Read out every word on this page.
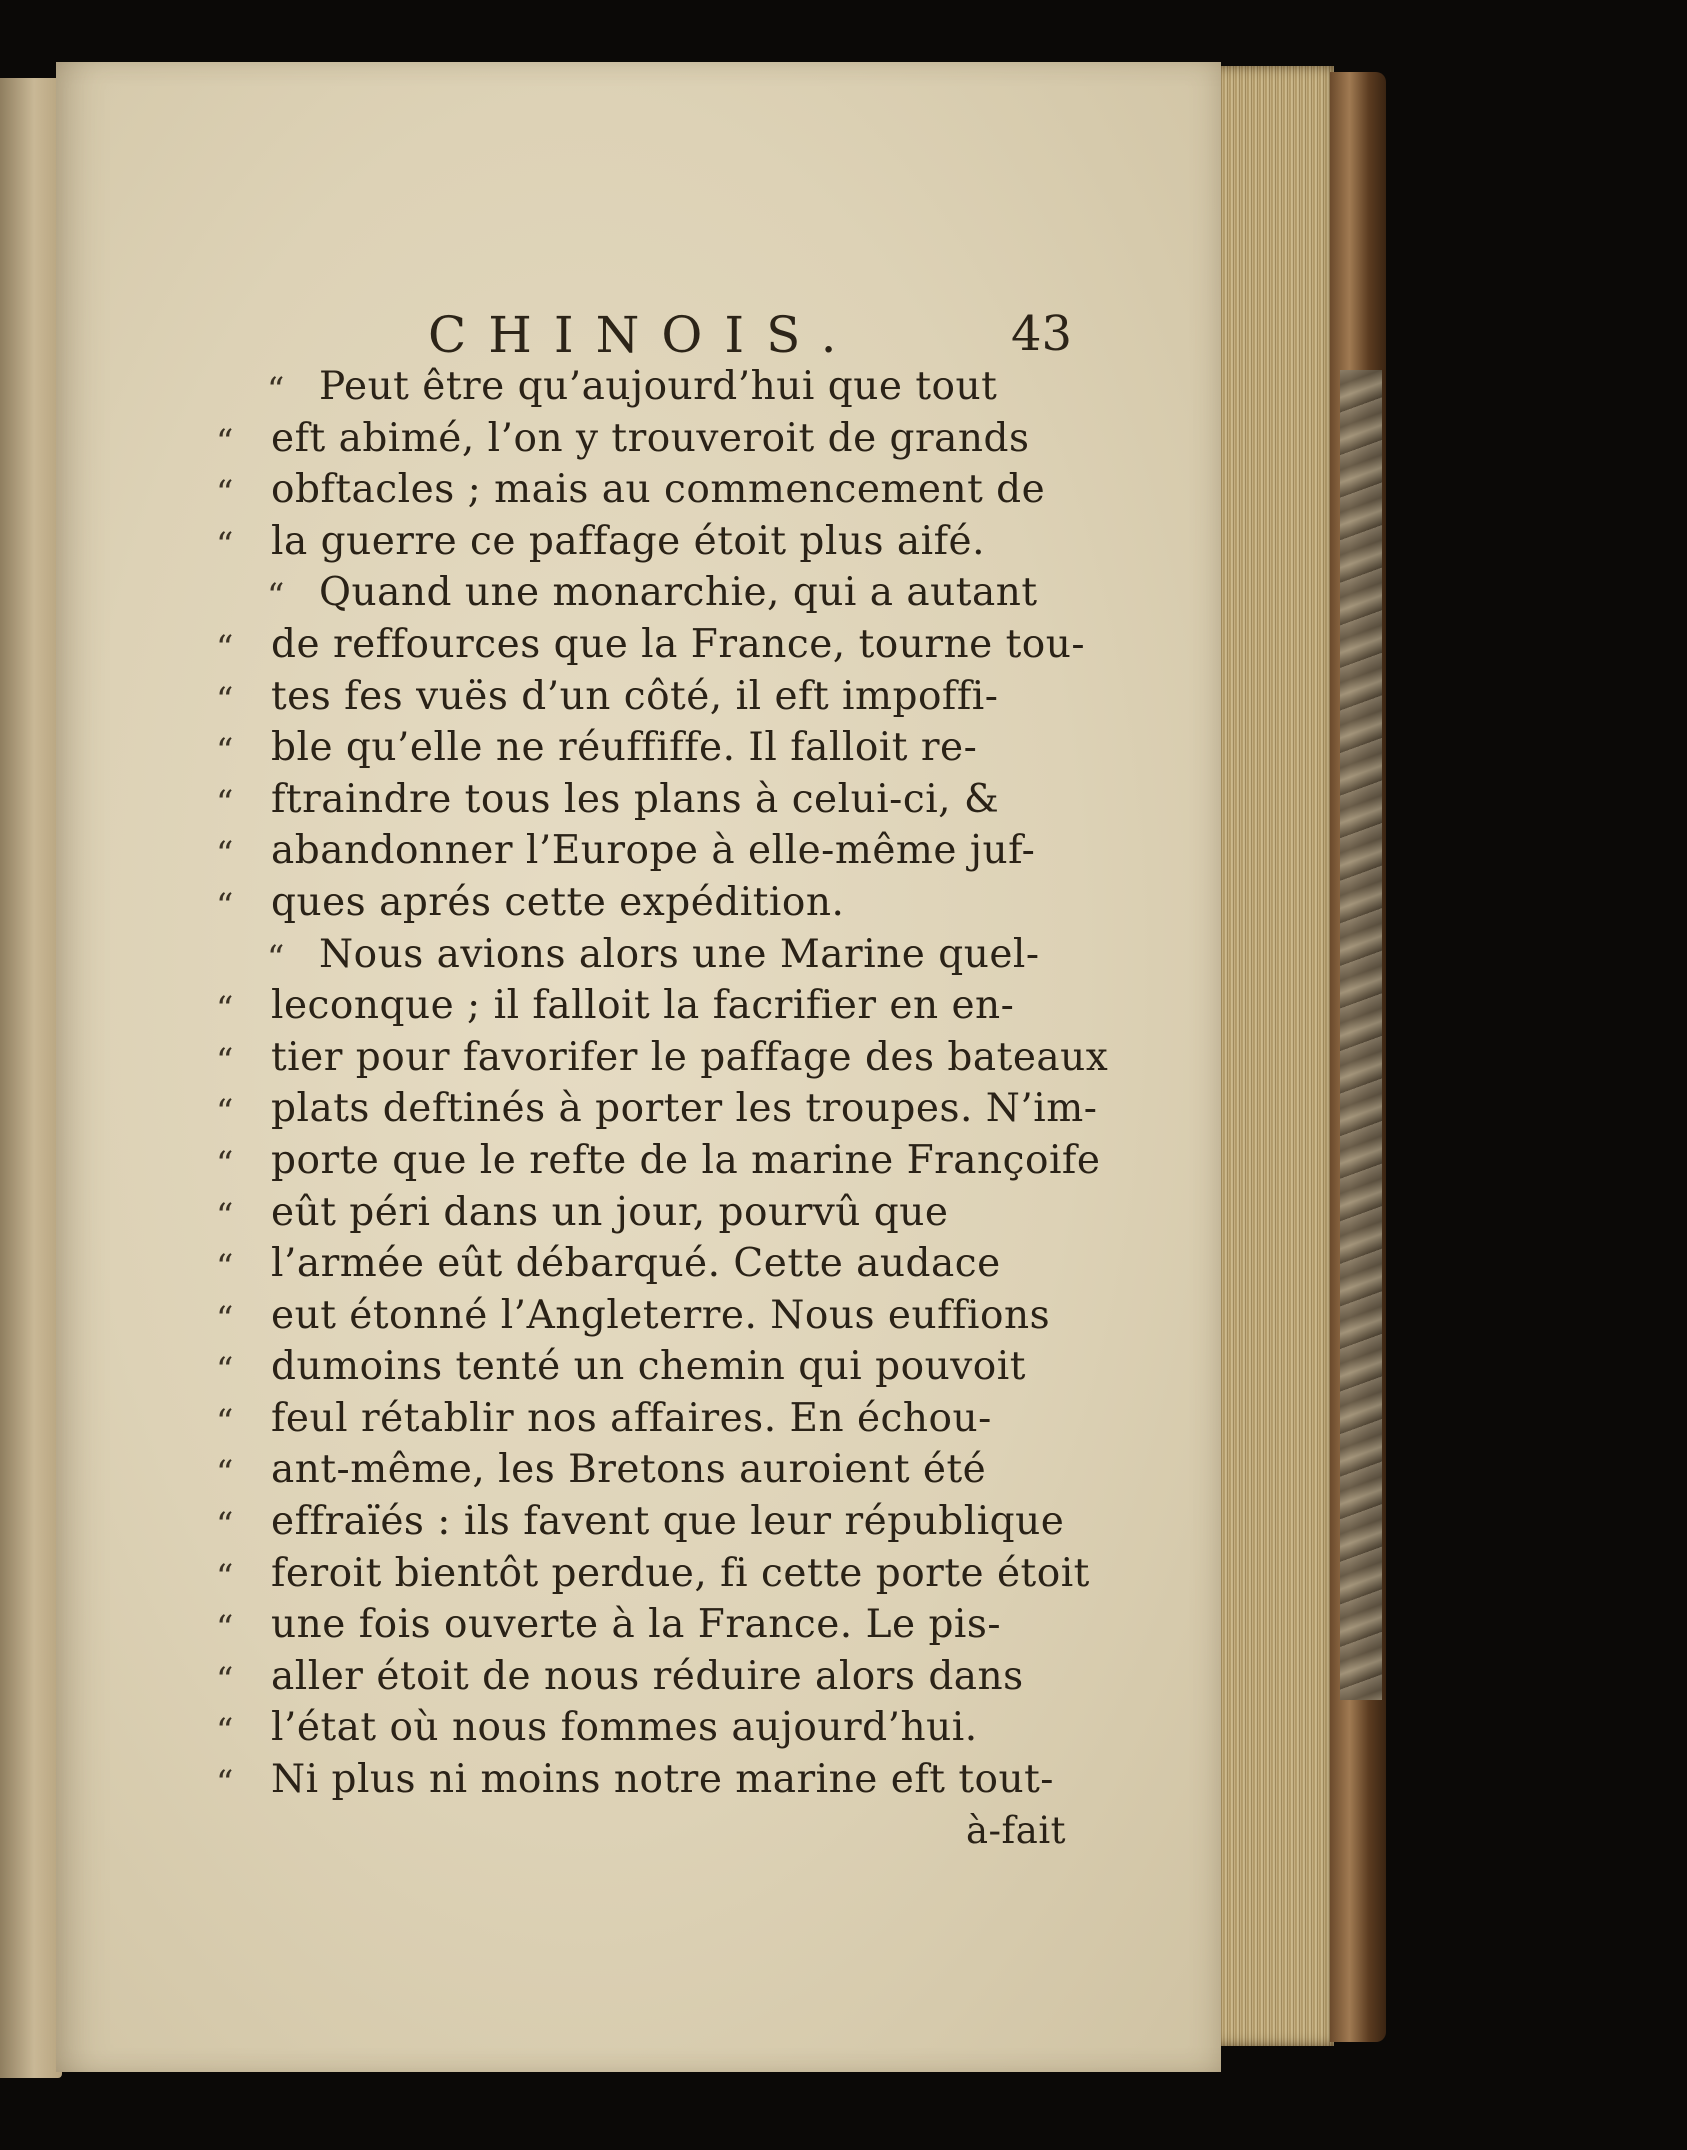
CHINOIS.	43
“ Peut être qu’aujourd’hui que tout
“ eft abimé, l’on y trouveroit de grands
“ obftacles ; mais au commencement de
“ la guerre ce paffage étoit plus aifé.
“ Quand une monarchie, qui a autant
“ de reffources que la France, tourne tou-
“ tes fes vuës d’un côté, il eft impoffi-
“ ble qu’elle ne réuffiffe. Il falloit re-
“ ftraindre tous les plans à celui-ci, &
“ abandonner l’Europe à elle-même juf-
“ ques aprés cette expédition.
“ Nous avions alors une Marine quel-
“ leconque ; il falloit la facrifier en en-
“ tier pour favorifer le paffage des bateaux
“ plats deftinés à porter les troupes. N’im-
“ porte que le refte de la marine Françoife
“ eût péri dans un jour, pourvû que
“ l’armée eût débarqué. Cette audace
“ eut étonné l’Angleterre. Nous euffions
“ dumoins tenté un chemin qui pouvoit
“ feul rétablir nos affaires. En échou-
“ ant-même, les Bretons auroient été
“ effraïés : ils favent que leur république
“ feroit bientôt perdue, fi cette porte étoit
“ une fois ouverte à la France. Le pis-
“ aller étoit de nous réduire alors dans
“ l’état où nous fommes aujourd’hui.
“ Ni plus ni moins notre marine eft tout-
à-fait
